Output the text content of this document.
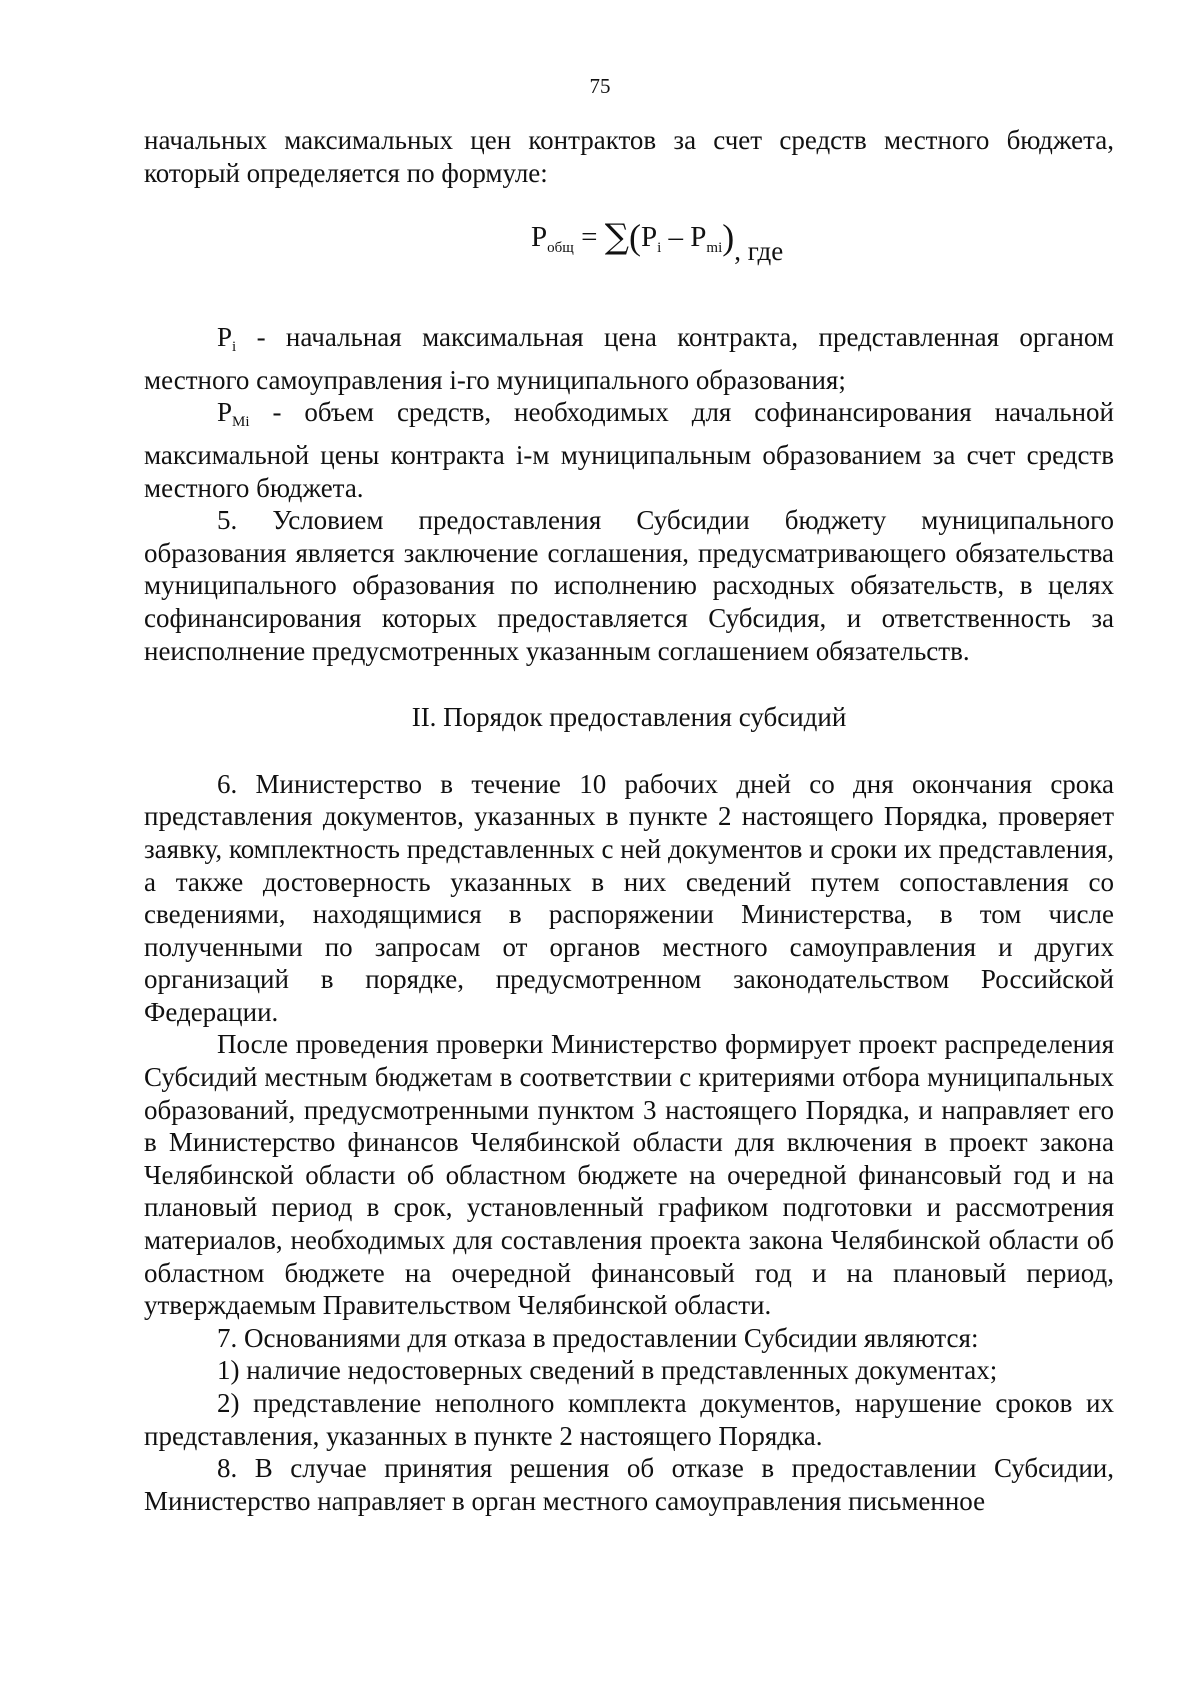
75

начальных максимальных цен контрактов за счет средств местного бюджета, который определяется по формуле:

$P_{общ} = \sum(P_i - P_{mi})$, где

Pi - начальная максимальная цена контракта, представленная органом местного самоуправления i-го муниципального образования;

PMi - объем средств, необходимых для софинансирования начальной максимальной цены контракта i-м муниципальным образованием за счет средств местного бюджета.

5. Условием предоставления Субсидии бюджету муниципального образования является заключение соглашения, предусматривающего обязательства муниципального образования по исполнению расходных обязательств, в целях софинансирования которых предоставляется Субсидия, и ответственность за неисполнение предусмотренных указанным соглашением обязательств.

II. Порядок предоставления субсидий

6. Министерство в течение 10 рабочих дней со дня окончания срока представления документов, указанных в пункте 2 настоящего Порядка, проверяет заявку, комплектность представленных с ней документов и сроки их представления, а также достоверность указанных в них сведений путем сопоставления со сведениями, находящимися в распоряжении Министерства, в том числе полученными по запросам от органов местного самоуправления и других организаций в порядке, предусмотренном законодательством Российской Федерации.

После проведения проверки Министерство формирует проект распределения Субсидий местным бюджетам в соответствии с критериями отбора муниципальных образований, предусмотренными пунктом 3 настоящего Порядка, и направляет его в Министерство финансов Челябинской области для включения в проект закона Челябинской области об областном бюджете на очередной финансовый год и на плановый период в срок, установленный графиком подготовки и рассмотрения материалов, необходимых для составления проекта закона Челябинской области об областном бюджете на очередной финансовый год и на плановый период, утверждаемым Правительством Челябинской области.

7. Основаниями для отказа в предоставлении Субсидии являются:

1) наличие недостоверных сведений в представленных документах;

2) представление неполного комплекта документов, нарушение сроков их представления, указанных в пункте 2 настоящего Порядка.

8. В случае принятия решения об отказе в предоставлении Субсидии, Министерство направляет в орган местного самоуправления письменное
